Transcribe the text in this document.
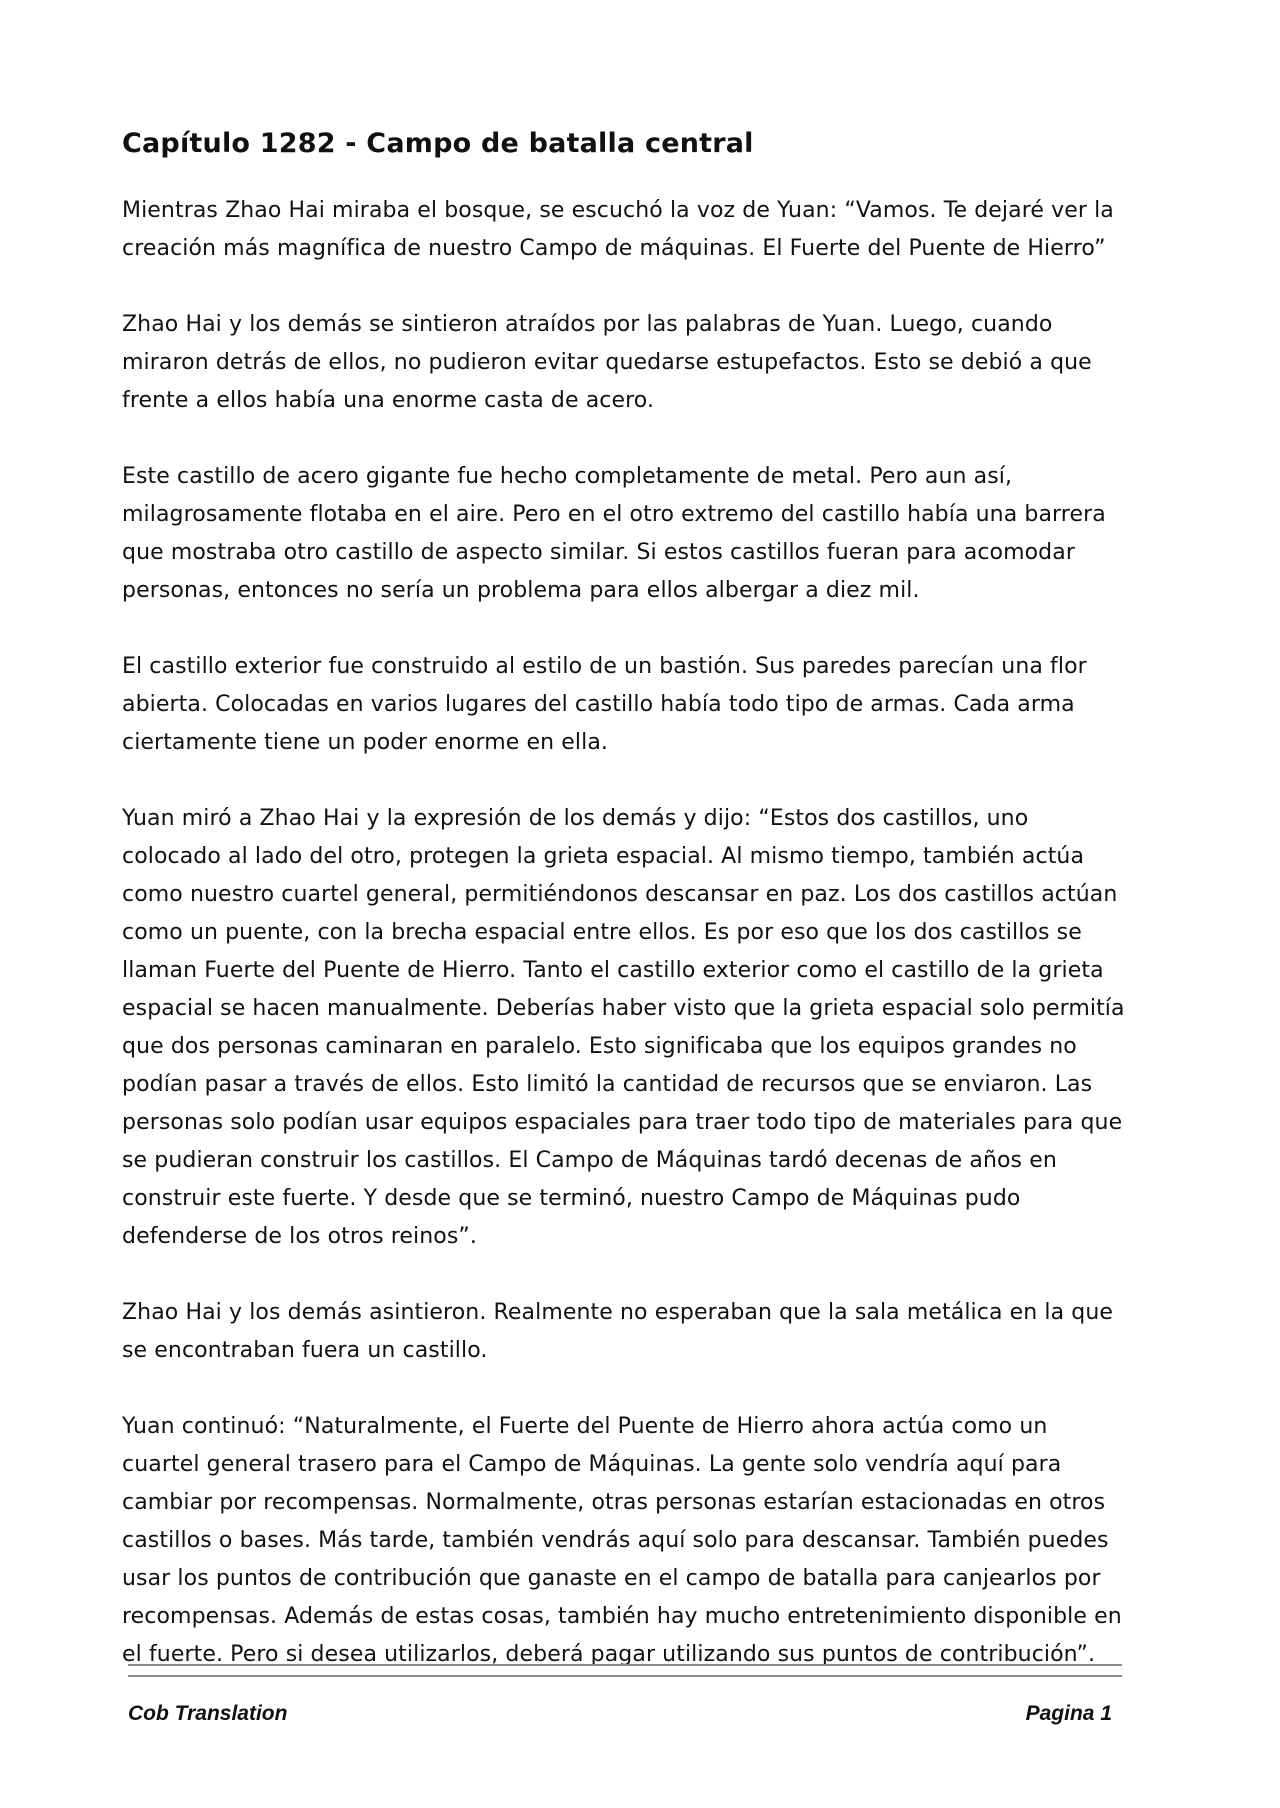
Capítulo 1282 - Campo de batalla central

Mientras Zhao Hai miraba el bosque, se escuchó la voz de Yuan: “Vamos. Te dejaré ver la creación más magnífica de nuestro Campo de máquinas. El Fuerte del Puente de Hierro”

Zhao Hai y los demás se sintieron atraídos por las palabras de Yuan. Luego, cuando miraron detrás de ellos, no pudieron evitar quedarse estupefactos. Esto se debió a que frente a ellos había una enorme casta de acero.

Este castillo de acero gigante fue hecho completamente de metal. Pero aun así, milagrosamente flotaba en el aire. Pero en el otro extremo del castillo había una barrera que mostraba otro castillo de aspecto similar. Si estos castillos fueran para acomodar personas, entonces no sería un problema para ellos albergar a diez mil.

El castillo exterior fue construido al estilo de un bastión. Sus paredes parecían una flor abierta. Colocadas en varios lugares del castillo había todo tipo de armas. Cada arma ciertamente tiene un poder enorme en ella.

Yuan miró a Zhao Hai y la expresión de los demás y dijo: “Estos dos castillos, uno colocado al lado del otro, protegen la grieta espacial. Al mismo tiempo, también actúa como nuestro cuartel general, permitiéndonos descansar en paz. Los dos castillos actúan como un puente, con la brecha espacial entre ellos. Es por eso que los dos castillos se llaman Fuerte del Puente de Hierro. Tanto el castillo exterior como el castillo de la grieta espacial se hacen manualmente. Deberías haber visto que la grieta espacial solo permitía que dos personas caminaran en paralelo. Esto significaba que los equipos grandes no podían pasar a través de ellos. Esto limitó la cantidad de recursos que se enviaron. Las personas solo podían usar equipos espaciales para traer todo tipo de materiales para que se pudieran construir los castillos. El Campo de Máquinas tardó decenas de años en construir este fuerte. Y desde que se terminó, nuestro Campo de Máquinas pudo defenderse de los otros reinos”.

Zhao Hai y los demás asintieron. Realmente no esperaban que la sala metálica en la que se encontraban fuera un castillo.

Yuan continuó: “Naturalmente, el Fuerte del Puente de Hierro ahora actúa como un cuartel general trasero para el Campo de Máquinas. La gente solo vendría aquí para cambiar por recompensas. Normalmente, otras personas estarían estacionadas en otros castillos o bases. Más tarde, también vendrás aquí solo para descansar. También puedes usar los puntos de contribución que ganaste en el campo de batalla para canjearlos por recompensas. Además de estas cosas, también hay mucho entretenimiento disponible en el fuerte. Pero si desea utilizarlos, deberá pagar utilizando sus puntos de contribución”.

Cob Translation	Pagina 1
